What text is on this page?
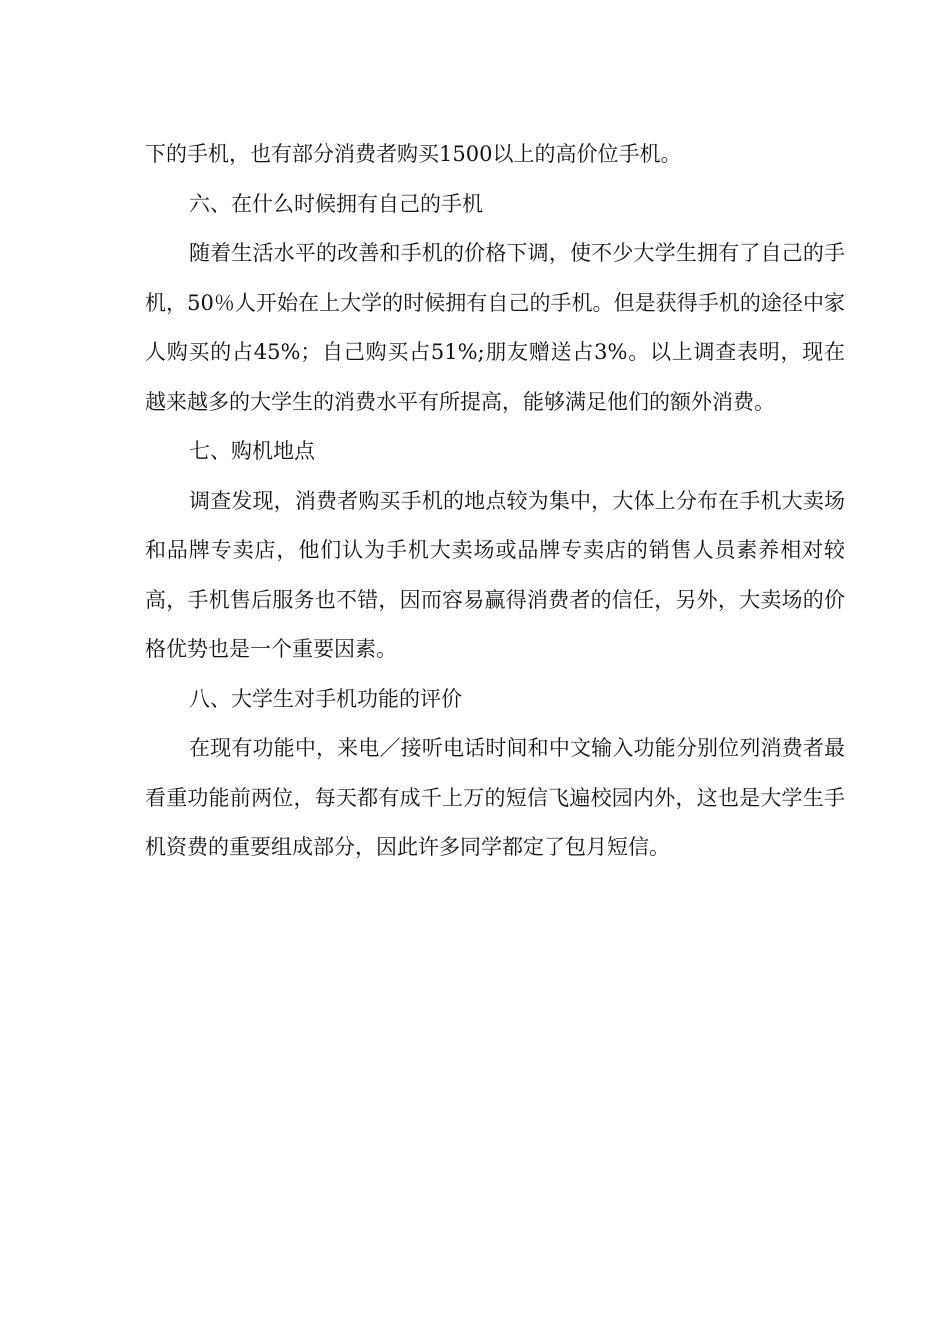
下的手机，也有部分消费者购买1500以上的高价位手机。

六、在什么时候拥有自己的手机

随着生活水平的改善和手机的价格下调，使不少大学生拥有了自己的手机，50％人开始在上大学的时候拥有自己的手机。但是获得手机的途径中家人购买的占45%；自己购买占51%;朋友赠送占3%。以上调查表明，现在越来越多的大学生的消费水平有所提高，能够满足他们的额外消费。

七、购机地点

调查发现，消费者购买手机的地点较为集中，大体上分布在手机大卖场和品牌专卖店，他们认为手机大卖场或品牌专卖店的销售人员素养相对较高，手机售后服务也不错，因而容易赢得消费者的信任，另外，大卖场的价格优势也是一个重要因素。

八、大学生对手机功能的评价

在现有功能中，来电／接听电话时间和中文输入功能分别位列消费者最看重功能前两位，每天都有成千上万的短信飞遍校园内外，这也是大学生手机资费的重要组成部分，因此许多同学都定了包月短信。
